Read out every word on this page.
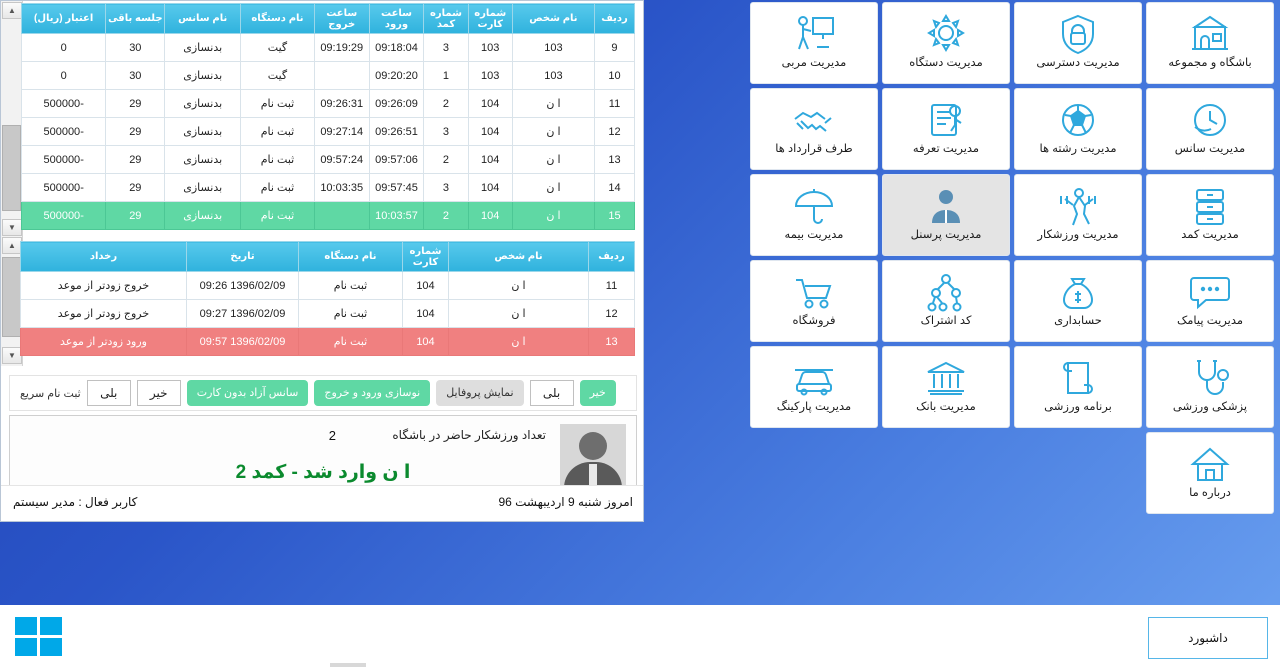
▲
▼
▲
▼
ردیف	نام شخص	شماره کارت	شماره کمد	ساعت ورود	ساعت خروج	نام دستگاه	نام سانس	جلسه باقی	اعتبار (ریال)
9	103	103	3	09:18:04	09:19:29	گیت	بدنسازی	30	0
10	103	103	1	09:20:20		گیت	بدنسازی	30	0
11	ا ن	104	2	09:26:09	09:26:31	ثبت نام	بدنسازی	29	-500000
12	ا ن	104	3	09:26:51	09:27:14	ثبت نام	بدنسازی	29	-500000
13	ا ن	104	2	09:57:06	09:57:24	ثبت نام	بدنسازی	29	-500000
14	ا ن	104	3	09:57:45	10:03:35	ثبت نام	بدنسازی	29	-500000
15	ا ن	104	2	10:03:57		ثبت نام	بدنسازی	29	-500000
ردیف	نام شخص	شماره کارت	نام دستگاه	تاریخ	رخداد
11	ا ن	104	ثبت نام	1396/02/09 09:26	خروج زودتر از موعد
12	ا ن	104	ثبت نام	1396/02/09 09:27	خروج زودتر از موعد
13	ا ن	104	ثبت نام	1396/02/09 09:57	ورود زودتر از موعد
ثبت نام سریع	بلی	خیر	سانس آزاد بدون کارت	نوسازی ورود و خروج	نمایش پروفایل	بلی	خیر
تعداد ورزشکار حاضر در باشگاه
2
ا ن وارد شد - کمد 2
امروز شنبه 9 اردیبهشت 96
کاربر فعال : مدیر سیستم
باشگاه و مجموعه
مدیریت دسترسی
مدیریت دستگاه
مدیریت مربی
مدیریت سانس
مدیریت رشته ها
مدیریت تعرفه
طرف قرارداد ها
مدیریت کمد
مدیریت ورزشکار
مدیریت پرسنل
مدیریت بیمه
مدیریت پیامک
حسابداری
کد اشتراک
فروشگاه
پزشکی ورزشی
برنامه ورزشی
مدیریت بانک
مدیریت پارکینگ
درباره ما
داشبورد
